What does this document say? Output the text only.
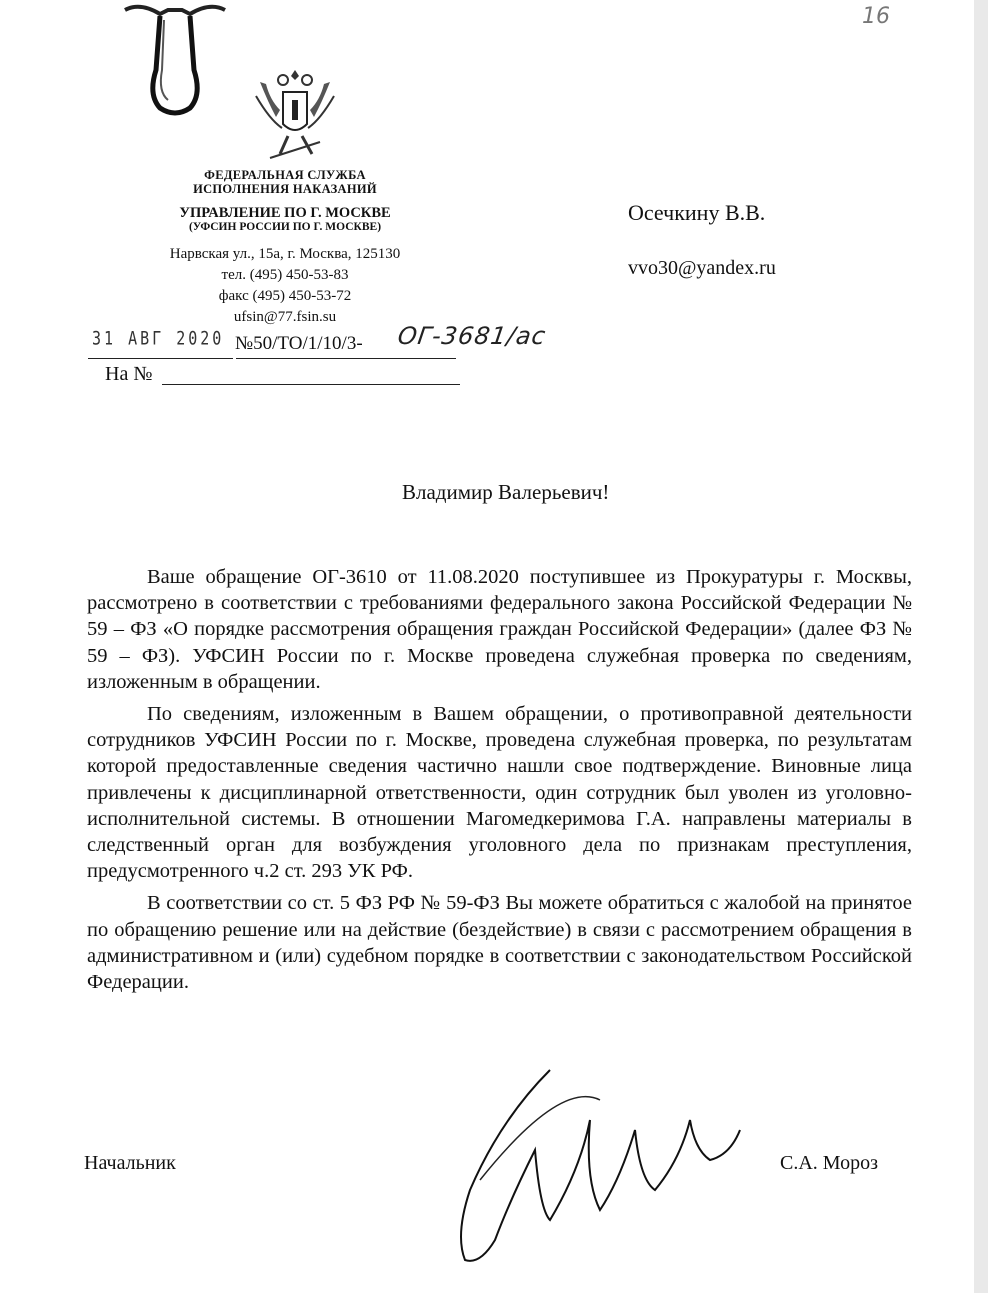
16
ФЕДЕРАЛЬНАЯ СЛУЖБА
ИСПОЛНЕНИЯ НАКАЗАНИЙ
УПРАВЛЕНИЕ ПО Г. МОСКВЕ
(УФСИН РОССИИ ПО Г. МОСКВЕ)
Нарвская ул., 15а, г. Москва, 125130
тел. (495) 450-53-83
факс (495) 450-53-72
ufsin@77.fsin.su
31 АВГ 2020 №50/ТО/1/10/3- ОГ-3681/ас
На №
Осечкину В.В.
vvo30@yandex.ru
Владимир Валерьевич!

Ваше обращение ОГ-3610 от 11.08.2020 поступившее из Прокуратуры г. Москвы, рассмотрено в соответствии с требованиями федерального закона Российской Федерации № 59 – ФЗ «О порядке рассмотрения обращения граждан Российской Федерации» (далее ФЗ № 59 – ФЗ). УФСИН России по г. Москве проведена служебная проверка по сведениям, изложенным в обращении.

По сведениям, изложенным в Вашем обращении, о противоправной деятельности сотрудников УФСИН России по г. Москве, проведена служебная проверка, по результатам которой предоставленные сведения частично нашли свое подтверждение. Виновные лица привлечены к дисциплинарной ответственности, один сотрудник был уволен из уголовно-исполнительной системы. В отношении Магомедкеримова Г.А. направлены материалы в следственный орган для возбуждения уголовного дела по признакам преступления, предусмотренного ч.2 ст. 293 УК РФ.

В соответствии со ст. 5 ФЗ РФ № 59-ФЗ Вы можете обратиться с жалобой на принятое по обращению решение или на действие (бездействие) в связи с рассмотрением обращения в административном и (или) судебном порядке в соответствии с законодательством Российской Федерации.

Начальник	С.А. Мороз
